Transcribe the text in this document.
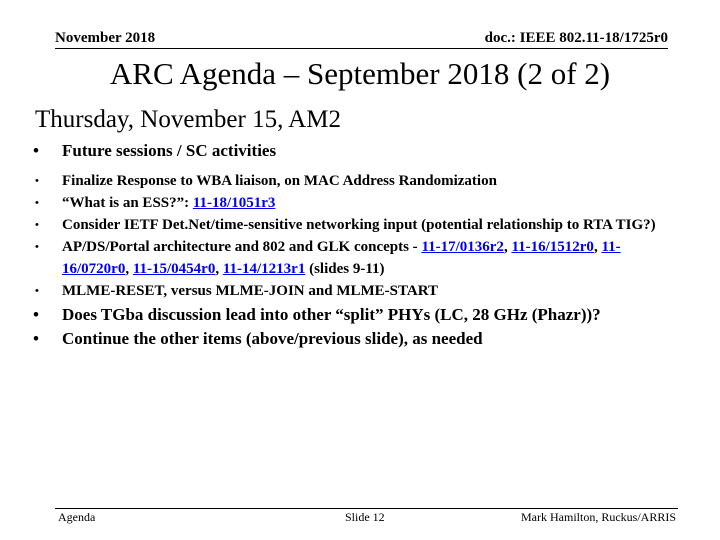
November 2018	doc.: IEEE 802.11-18/1725r0
ARC Agenda – September 2018 (2 of 2)
Thursday, November 15, AM2
• Future sessions / SC activities
• Finalize Response to WBA liaison, on MAC Address Randomization
• “What is an ESS?”: 11-18/1051r3
• Consider IETF Det.Net/time-sensitive networking input (potential relationship to RTA TIG?)
• AP/DS/Portal architecture and 802 and GLK concepts - 11-17/0136r2, 11-16/1512r0, 11-16/0720r0, 11-15/0454r0, 11-14/1213r1 (slides 9-11)
• MLME-RESET, versus MLME-JOIN and MLME-START
• Does TGba discussion lead into other “split” PHYs (LC, 28 GHz (Phazr))?
• Continue the other items (above/previous slide), as needed
Agenda	Slide 12	Mark Hamilton, Ruckus/ARRIS
